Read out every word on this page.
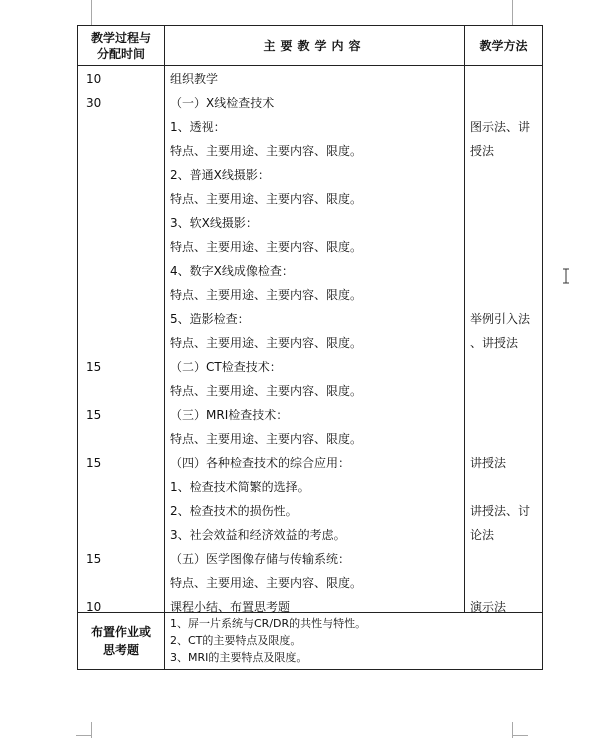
教学过程与
分配时间
主要教学内容	教学方法
10
30
15
15
15
15
10
组织教学
（一）X线检查技术
1、透视：
特点、主要用途、主要内容、限度。
2、普通X线摄影：
特点、主要用途、主要内容、限度。
3、软X线摄影：
特点、主要用途、主要内容、限度。
4、数字X线成像检查：
特点、主要用途、主要内容、限度。
5、造影检查：
特点、主要用途、主要内容、限度。
（二）CT检查技术：
特点、主要用途、主要内容、限度。
（三）MRI检查技术：
特点、主要用途、主要内容、限度。
（四）各种检查技术的综合应用：
1、检查技术简繁的选择。
2、检查技术的损伤性。
3、社会效益和经济效益的考虑。
（五）医学图像存储与传输系统：
特点、主要用途、主要内容、限度。
课程小结、布置思考题
图示法、讲
授法
举例引入法
、讲授法
讲授法
讲授法、讨
论法
演示法
布置作业或
思考题
1、屏一片系统与CR/DR的共性与特性。
2、CT的主要特点及限度。
3、MRI的主要特点及限度。
